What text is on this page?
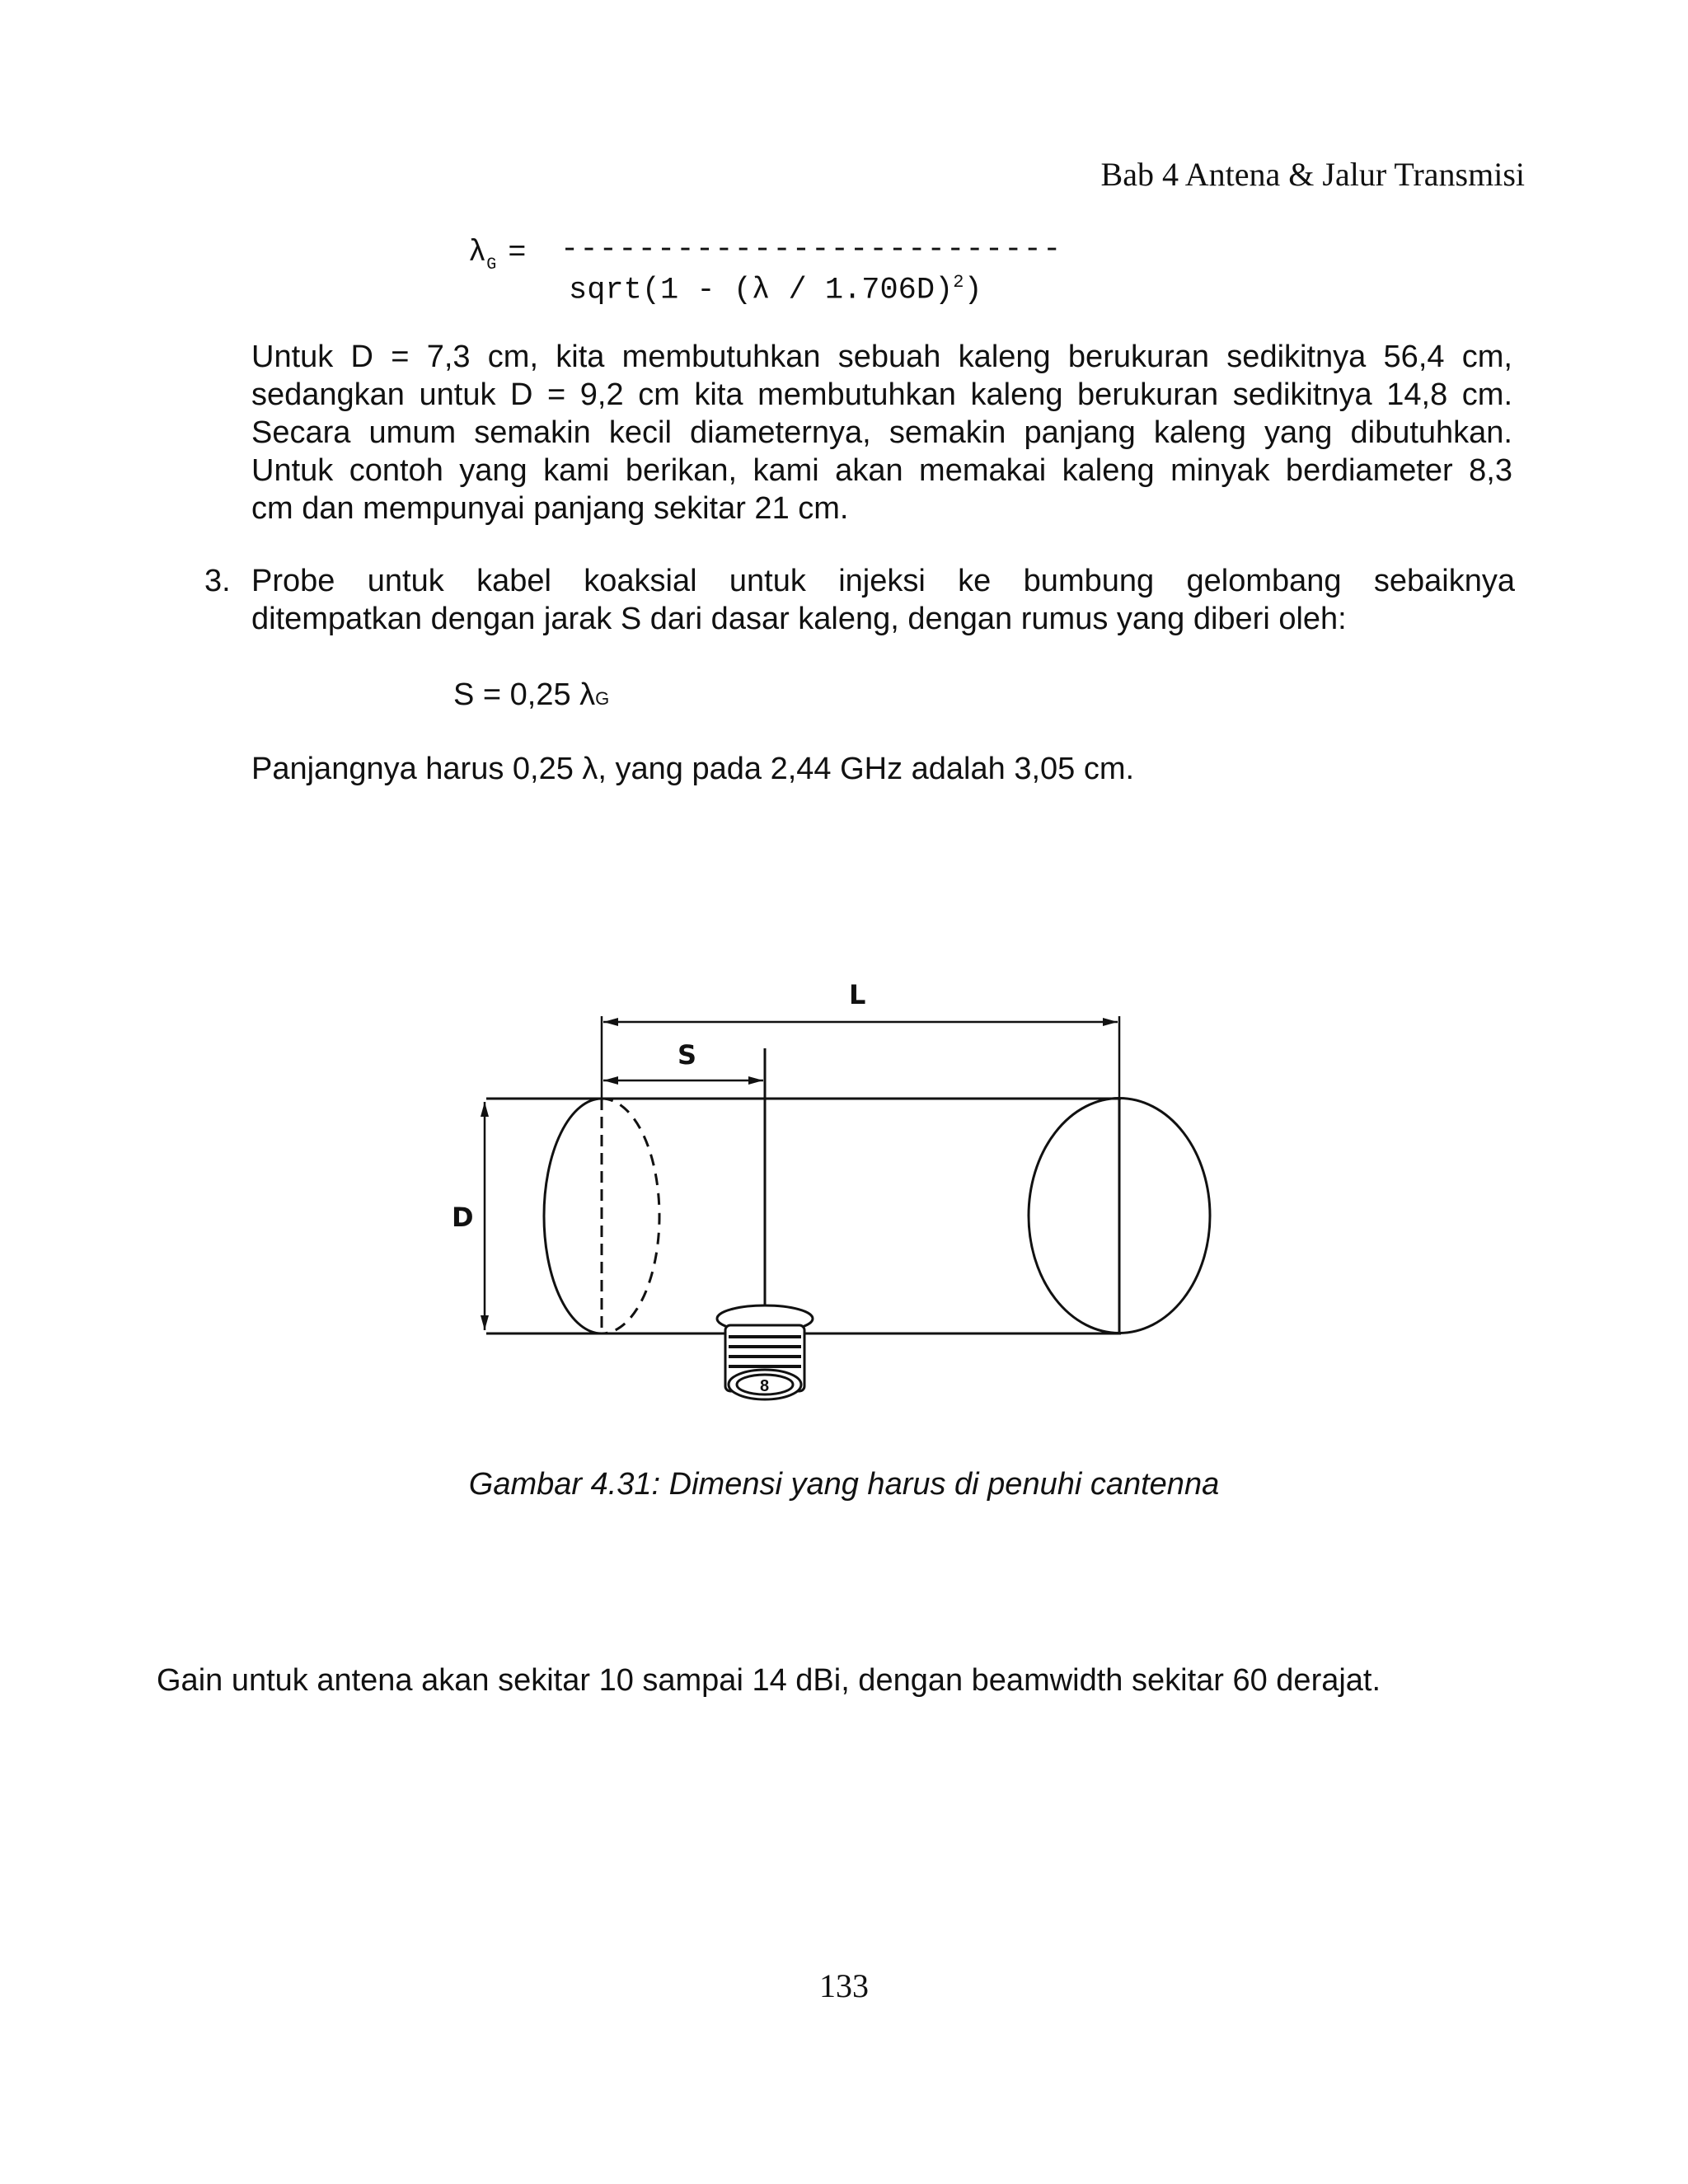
Bab 4 Antena & Jalur Transmisi
$\lambda_G$ = --------------------------
sqrt(1 - (λ / 1.706D)$^2$)
Untuk D = 7,3 cm, kita membutuhkan sebuah kaleng berukuran sedikitnya 56,4 cm,
sedangkan untuk D = 9,2 cm kita membutuhkan kaleng berukuran sedikitnya 14,8 cm.
Secara umum semakin kecil diameternya, semakin panjang kaleng yang dibutuhkan.
Untuk contoh yang kami berikan, kami akan memakai kaleng minyak berdiameter 8,3
cm dan mempunyai panjang sekitar 21 cm.
3. Probe untuk kabel koaksial untuk injeksi ke bumbung gelombang sebaiknya
ditempatkan dengan jarak S dari dasar kaleng, dengan rumus yang diberi oleh:
S = 0,25 λG
Panjangnya harus 0,25 λ, yang pada 2,44 GHz adalah 3,05 cm.
8
L
S
D
Gambar 4.31: Dimensi yang harus di penuhi cantenna
Gain untuk antena akan sekitar 10 sampai 14 dBi, dengan beamwidth sekitar 60 derajat.
133
